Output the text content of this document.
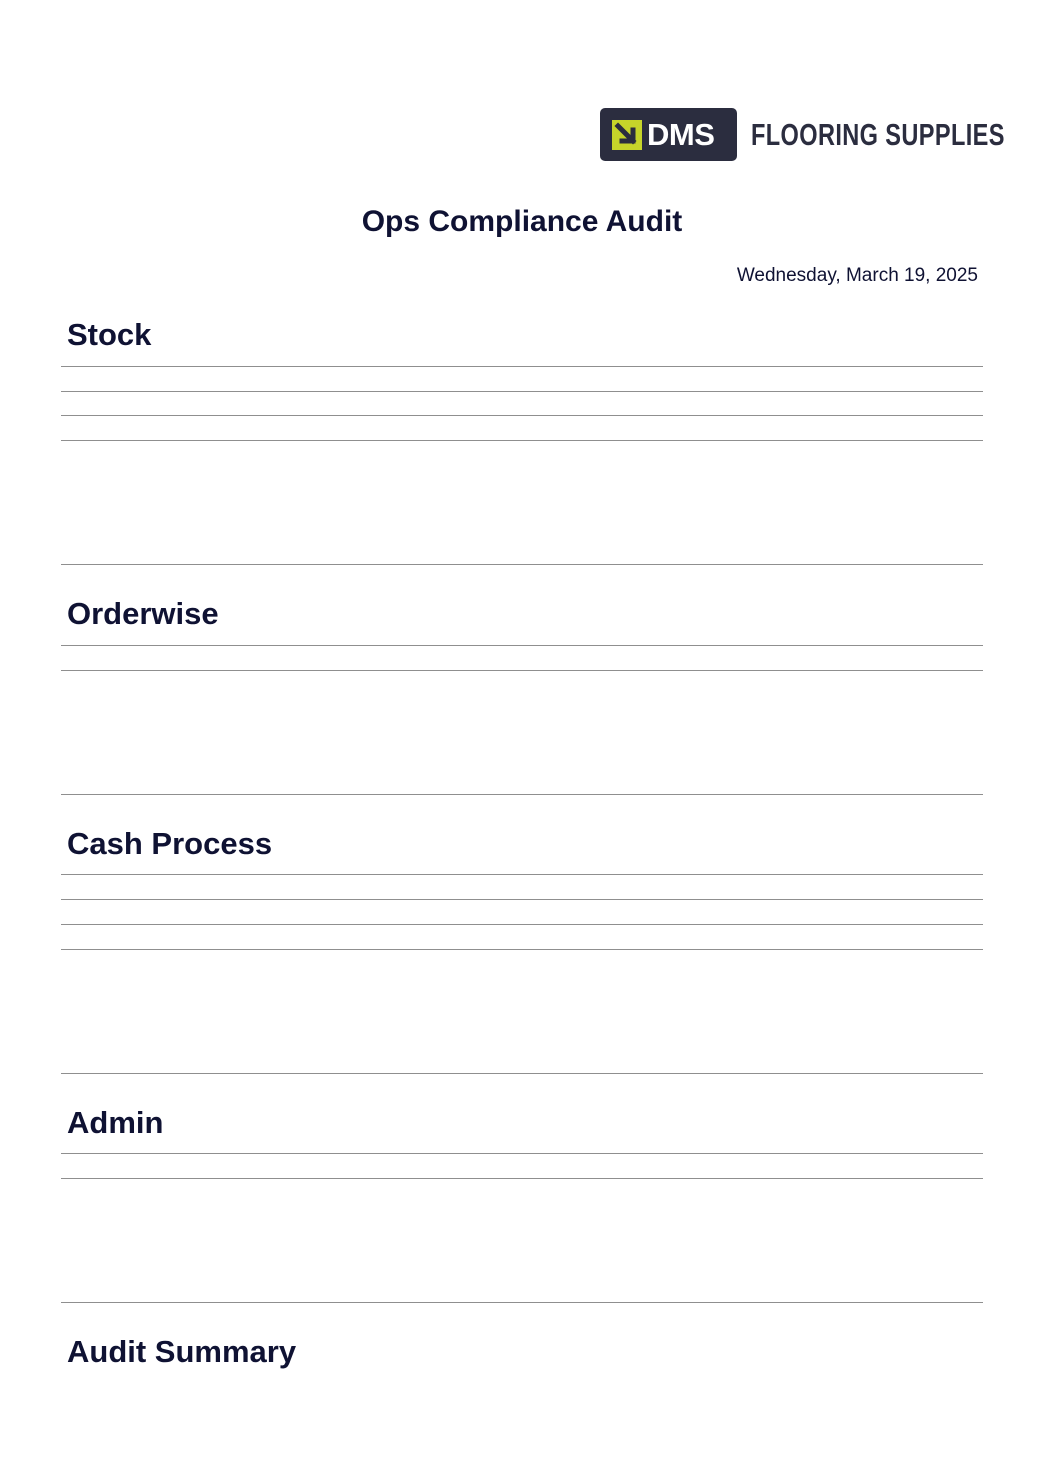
DMS FLOORING SUPPLIES
Ops Compliance Audit

Wednesday, March 19, 2025

Stock
Orderwise
Cash Process
Admin
Audit Summary
